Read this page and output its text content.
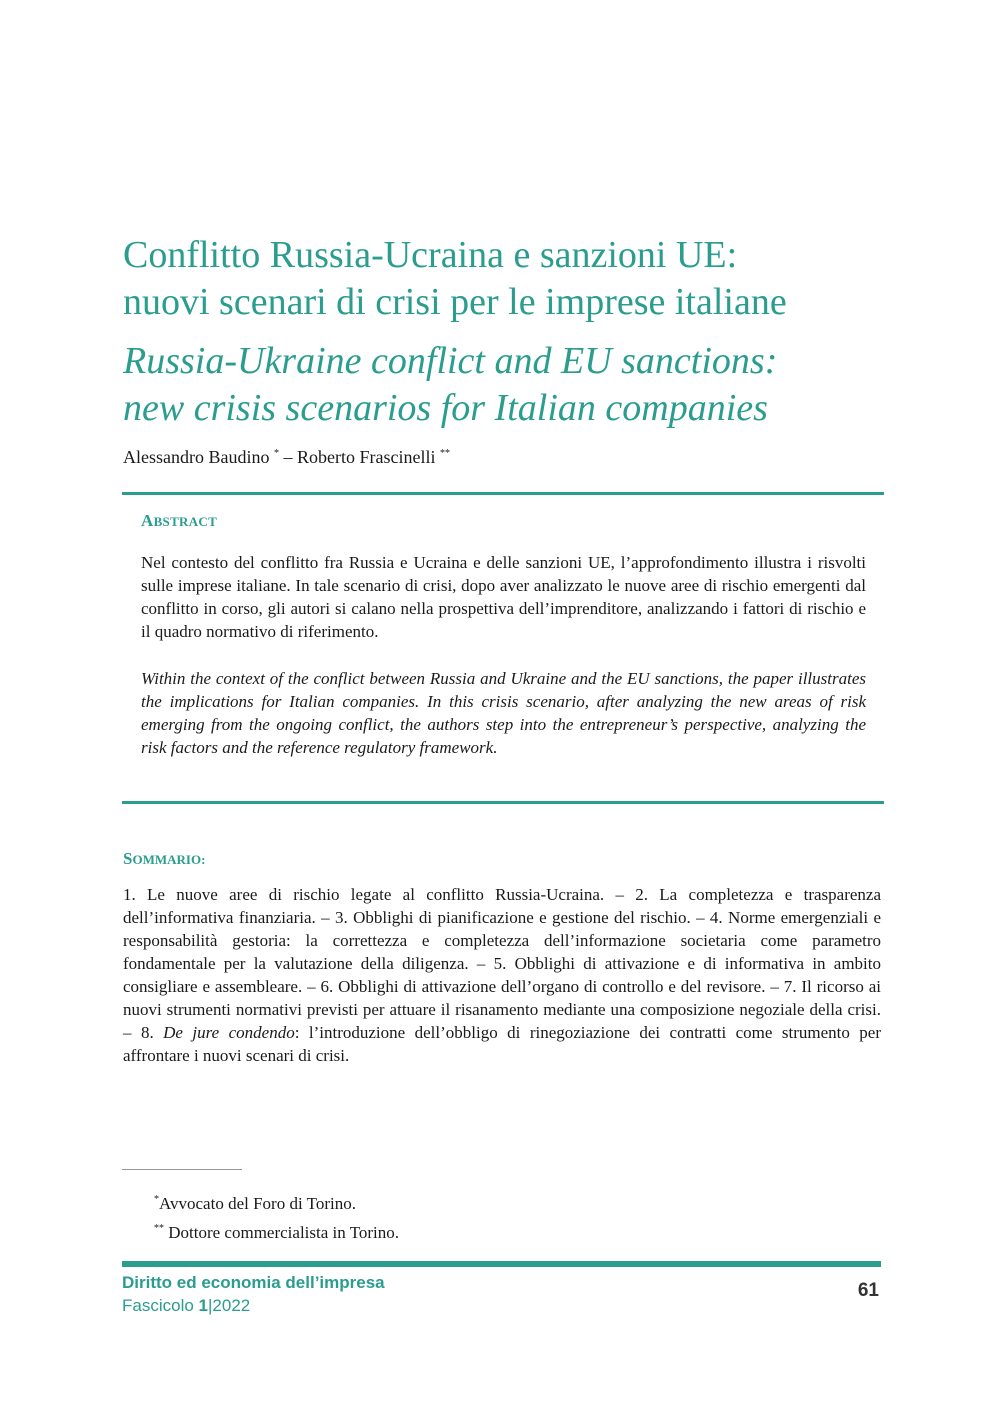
Conflitto Russia-Ucraina e sanzioni UE:
nuovi scenari di crisi per le imprese italiane
Russia-Ukraine conflict and EU sanctions:
new crisis scenarios for Italian companies
Alessandro Baudino * – Roberto Frascinelli **
ABSTRACT

Nel contesto del conflitto fra Russia e Ucraina e delle sanzioni UE, l’approfondimento illustra i risvolti sulle imprese italiane. In tale scenario di crisi, dopo aver analizzato le nuove aree di rischio emergenti dal conflitto in corso, gli autori si calano nella prospettiva dell’imprenditore, analizzando i fattori di rischio e il quadro normativo di riferimento.

Within the context of the conflict between Russia and Ukraine and the EU sanctions, the paper illustrates the implications for Italian companies. In this crisis scenario, after analyzing the new areas of risk emerging from the ongoing conflict, the authors step into the entrepreneur’s perspective, analyzing the risk factors and the reference regulatory framework.

SOMMARIO:

1. Le nuove aree di rischio legate al conflitto Russia-Ucraina. – 2. La completezza e trasparenza dell’informativa finanziaria. – 3. Obblighi di pianificazione e gestione del rischio. – 4. Norme emergenziali e responsabilità gestoria: la correttezza e completezza dell’informazione societaria come parametro fondamentale per la valutazione della diligenza. – 5. Obblighi di attivazione e di informativa in ambito consigliare e assembleare. – 6. Obblighi di attivazione dell’organo di controllo e del revisore. – 7. Il ricorso ai nuovi strumenti normativi previsti per attuare il risanamento mediante una composizione negoziale della crisi. – 8. De jure condendo: l’introduzione dell’obbligo di rinegoziazione dei contratti come strumento per affrontare i nuovi scenari di crisi.

*Avvocato del Foro di Torino.
** Dottore commercialista in Torino.
Diritto ed economia dell’impresa
Fascicolo 1|2022
61
